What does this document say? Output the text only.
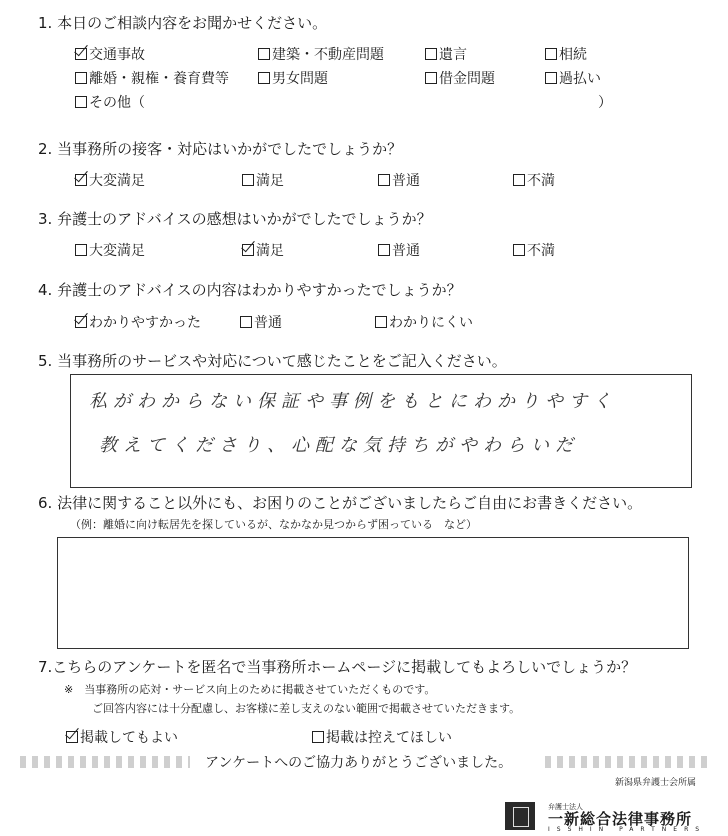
1. 本日のご相談内容をお聞かせください。
交通事故	建築・不動産問題	遺言	相続
離婚・親権・養育費等	男女問題	借金問題	過払い
その他（	）
2. 当事務所の接客・対応はいかがでしたでしょうか？
大変満足	満足	普通	不満
3. 弁護士のアドバイスの感想はいかがでしたでしょうか？
大変満足	満足	普通	不満
4. 弁護士のアドバイスの内容はわかりやすかったでしょうか？
わかりやすかった	普通	わかりにくい
5. 当事務所のサービスや対応について感じたことをご記入ください。
私がわからない保証や事例をもとにわかりやすく
教えてくださり、心配な気持ちがやわらいだ
6. 法律に関すること以外にも、お困りのことがございましたらご自由にお書きください。
（例：離婚に向け転居先を探しているが、なかなか見つからず困っている　など）
7.こちらのアンケートを匿名で当事務所ホームページに掲載してもよろしいでしょうか？
※　当事務所の応対・サービス向上のために掲載させていただくものです。
ご回答内容には十分配慮し、お客様に差し支えのない範囲で掲載させていただきます。
掲載してもよい	掲載は控えてほしい
アンケートへのご協力ありがとうございました。
新潟県弁護士会所属
弁護士法人
一新総合法律事務所
ISSHIN PARTNERS
